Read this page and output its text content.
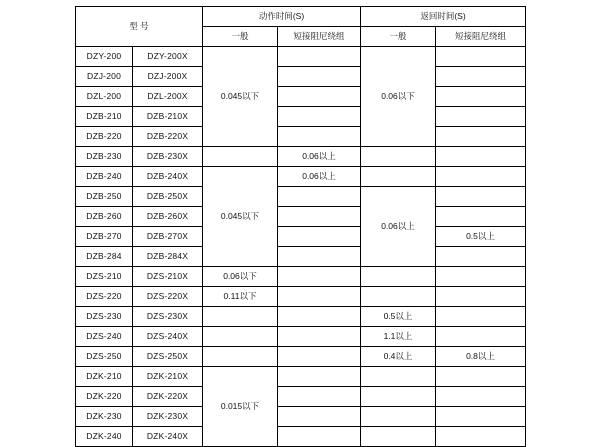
型 号		动作时间(S)		返回时间(S)	
		一般	短接阻尼绕组	一般	短接阻尼绕组
DZY-200	DZY-200X	0.045以下		0.06以下	
DZJ-200	DZJ-200X				
DZL-200	DZL-200X				
DZB-210	DZB-210X				
DZB-220	DZB-220X				
DZB-230	DZB-230X		0.06以上		
DZB-240	DZB-240X	0.045以下	0.06以上		
DZB-250	DZB-250X			0.06以上	
DZB-260	DZB-260X				
DZB-270	DZB-270X				0.5以上
DZB-284	DZB-284X				
DZS-210	DZS-210X	0.06以下			
DZS-220	DZS-220X	0.11以下			
DZS-230	DZS-230X			0.5以上	
DZS-240	DZS-240X			1.1以上	
DZS-250	DZS-250X			0.4以上	0.8以上
DZK-210	DZK-210X	0.015以下			
DZK-220	DZK-220X				
DZK-230	DZK-230X				
DZK-240	DZK-240X				
